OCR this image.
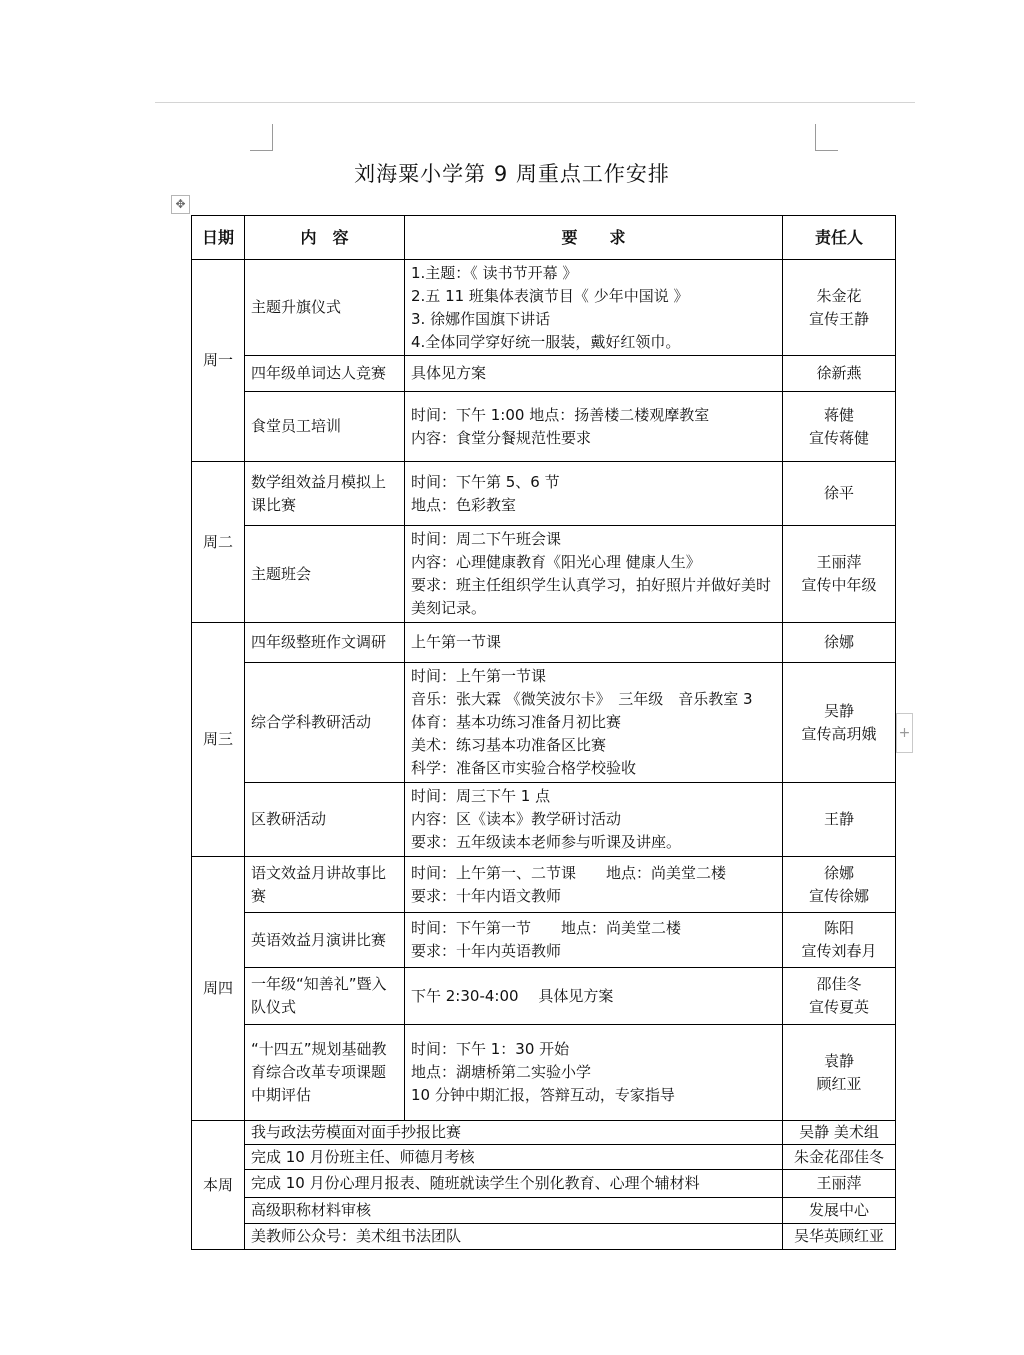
刘海粟小学第 9 周重点工作安排
✥
+
日期	内　容	要　　求	责任人
周一	主题升旗仪式	1.主题：《 读书节开幕 》
2.五 11 班集体表演节目《 少年中国说 》
3. 徐娜作国旗下讲话
4.全体同学穿好统一服装，戴好红领巾。	朱金花
宣传王静

	四年级单词达人竞赛	具体见方案	徐新燕

	食堂员工培训	时间：下午 1:00 地点：扬善楼二楼观摩教室
内容：食堂分餐规范性要求	蒋健
宣传蒋健

周二	数学组效益月模拟上课比赛	时间：下午第 5、6 节
地点：色彩教室	徐平

	主题班会	时间：周二下午班会课
内容：心理健康教育《阳光心理 健康人生》
要求：班主任组织学生认真学习，拍好照片并做好美时
美刻记录。	王丽萍
宣传中年级

周三	四年级整班作文调研	上午第一节课	徐娜

	综合学科教研活动	时间：上午第一节课
音乐：张大霖 《微笑波尔卡》　三年级　音乐教室 3
体育：基本功练习准备月初比赛
美术：练习基本功准备区比赛
科学：准备区市实验合格学校验收	吴静
宣传高玥娥

	区教研活动	时间：周三下午 1 点
内容：区《读本》教学研讨活动
要求：五年级读本老师参与听课及讲座。	王静

周四	语文效益月讲故事比赛	时间：上午第一、二节课　　地点：尚美堂二楼
要求：十年内语文教师	徐娜
宣传徐娜

	英语效益月演讲比赛	时间：下午第一节　　地点：尚美堂二楼
要求：十年内英语教师	陈阳
宣传刘春月

	一年级“知善礼”暨入队仪式	下午 2:30-4:00　 具体见方案	邵佳冬
宣传夏英

	“十四五”规划基础教育综合改革专项课题中期评估	时间：下午 1：30 开始
地点：湖塘桥第二实验小学
10 分钟中期汇报，答辩互动，专家指导	袁静
顾红亚

本周	我与政法劳模面对面手抄报比赛		吴静 美术组
	完成 10 月份班主任、师德月考核		朱金花邵佳冬
	完成 10 月份心理月报表、随班就读学生个别化教育、心理个辅材料		王丽萍
	高级职称材料审核		发展中心
	美教师公众号：美术组书法团队		吴华英顾红亚
